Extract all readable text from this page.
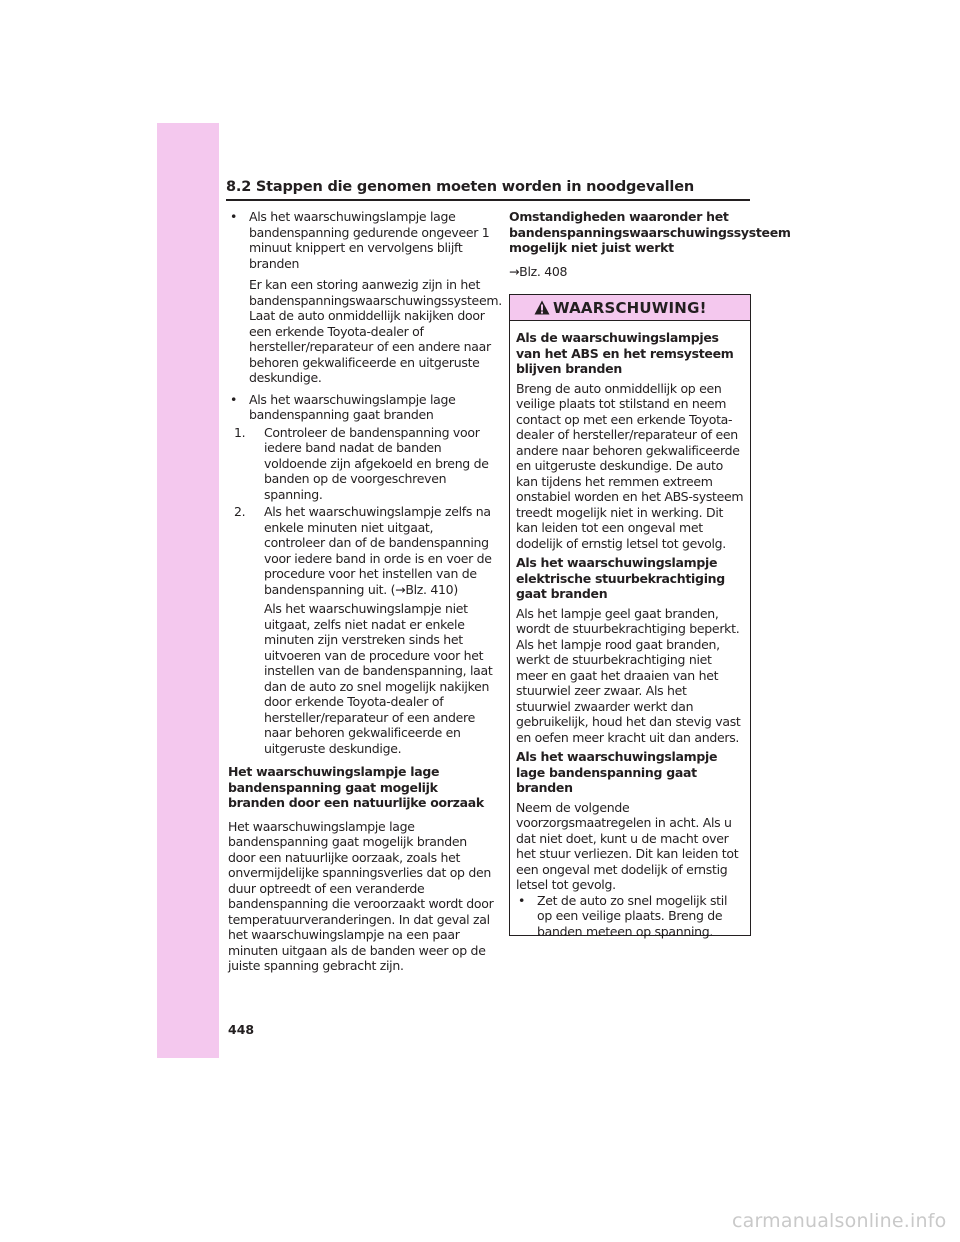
8.2 Stappen die genomen moeten worden in noodgevallen
• Als het waarschuwingslampje lage bandenspanning gedurende ongeveer 1 minuut knippert en vervolgens blijft branden
Er kan een storing aanwezig zijn in het bandenspanningswaarschuwingssysteem. Laat de auto onmiddellijk nakijken door een erkende Toyota-dealer of hersteller/reparateur of een andere naar behoren gekwalificeerde en uitgeruste deskundige.
• Als het waarschuwingslampje lage bandenspanning gaat branden
1.	Controleer de bandenspanning voor iedere band nadat de banden voldoende zijn afgekoeld en breng de banden op de voorgeschreven spanning.
2.	Als het waarschuwingslampje zelfs na enkele minuten niet uitgaat, controleer dan of de bandenspanning voor iedere band in orde is en voer de procedure voor het instellen van de bandenspanning uit. (→Blz. 410)
Als het waarschuwingslampje niet uitgaat, zelfs niet nadat er enkele minuten zijn verstreken sinds het uitvoeren van de procedure voor het instellen van de bandenspanning, laat dan de auto zo snel mogelijk nakijken door erkende Toyota-dealer of hersteller/reparateur of een andere naar behoren gekwalificeerde en uitgeruste deskundige.
Het waarschuwingslampje lage bandenspanning gaat mogelijk branden door een natuurlijke oorzaak

Het waarschuwingslampje lage bandenspanning gaat mogelijk branden door een natuurlijke oorzaak, zoals het onvermijdelijke spanningsverlies dat op den duur optreedt of een veranderde bandenspanning die veroorzaakt wordt door temperatuurveranderingen. In dat geval zal het waarschuwingslampje na een paar minuten uitgaan als de banden weer op de juiste spanning gebracht zijn.

Omstandigheden waaronder het bandenspanningswaarschuwingssysteem mogelijk niet juist werkt
→Blz. 408
WAARSCHUWING!
Als de waarschuwingslampjes van het ABS en het remsysteem blijven branden

Breng de auto onmiddellijk op een veilige plaats tot stilstand en neem contact op met een erkende Toyota-dealer of hersteller/reparateur of een andere naar behoren gekwalificeerde en uitgeruste deskundige. De auto kan tijdens het remmen extreem onstabiel worden en het ABS-systeem treedt mogelijk niet in werking. Dit kan leiden tot een ongeval met dodelijk of ernstig letsel tot gevolg.

Als het waarschuwingslampje elektrische stuurbekrachtiging gaat branden

Als het lampje geel gaat branden, wordt de stuurbekrachtiging beperkt. Als het lampje rood gaat branden, werkt de stuurbekrachtiging niet meer en gaat het draaien van het stuurwiel zeer zwaar. Als het stuurwiel zwaarder werkt dan gebruikelijk, houd het dan stevig vast en oefen meer kracht uit dan anders.

Als het waarschuwingslampje lage bandenspanning gaat branden

Neem de volgende voorzorgsmaatregelen in acht. Als u dat niet doet, kunt u de macht over het stuur verliezen. Dit kan leiden tot een ongeval met dodelijk of ernstig letsel tot gevolg.

• Zet de auto zo snel mogelijk stil op een veilige plaats. Breng de banden meteen op spanning.
448
carmanualsonline.info
